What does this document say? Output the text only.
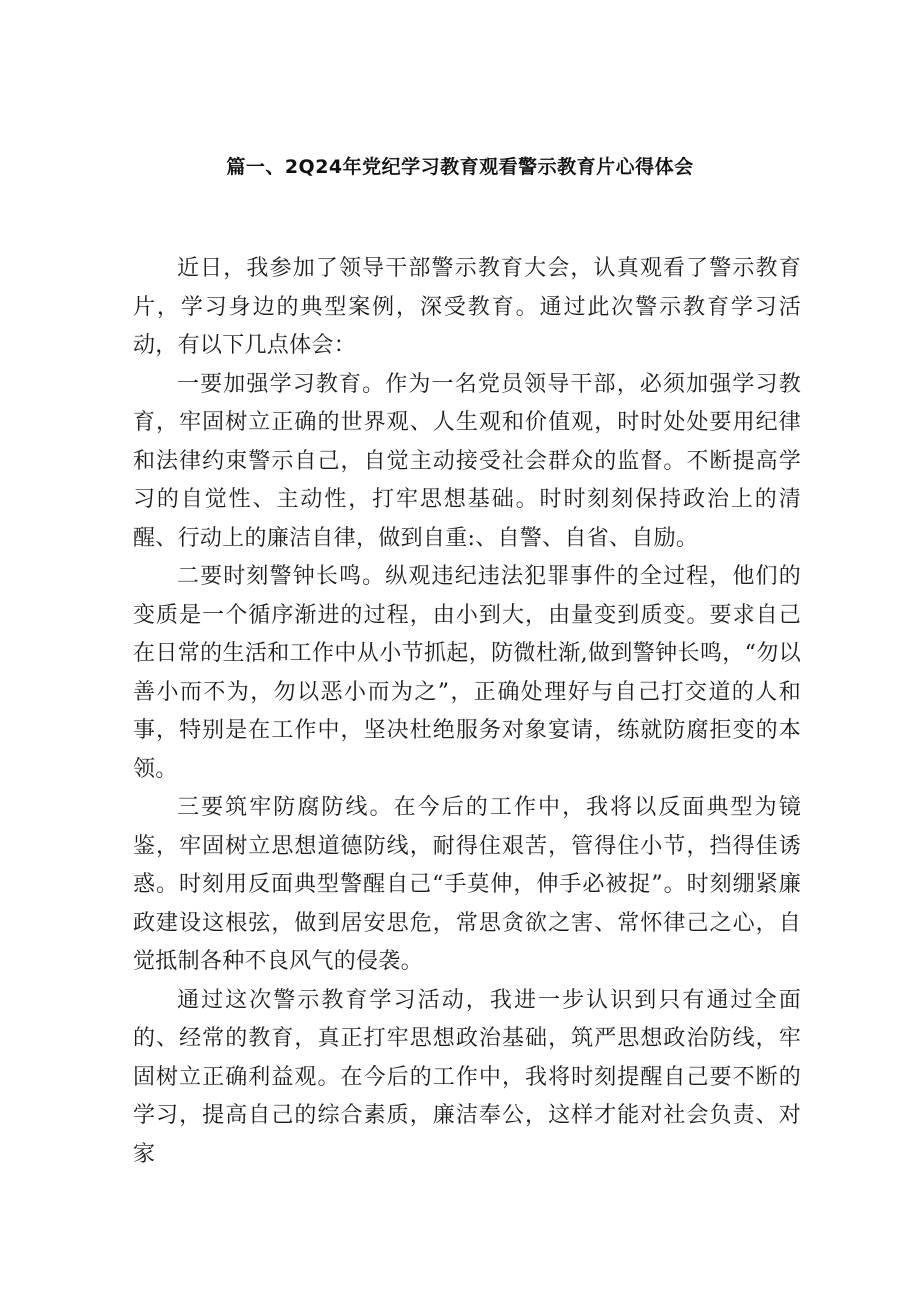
篇一、2Q24年党纪学习教育观看警示教育片心得体会

近日，我参加了领导干部警示教育大会，认真观看了警示教育片，学习身边的典型案例，深受教育。通过此次警示教育学习活动，有以下几点体会：

一要加强学习教育。作为一名党员领导干部，必须加强学习教育，牢固树立正确的世界观、人生观和价值观，时时处处要用纪律和法律约束警示自己，自觉主动接受社会群众的监督。不断提高学习的自觉性、主动性，打牢思想基础。时时刻刻保持政治上的清醒、行动上的廉洁自律，做到自重:、自警、自省、自励。

二要时刻警钟长鸣。纵观违纪违法犯罪事件的全过程，他们的变质是一个循序渐进的过程，由小到大，由量变到质变。要求自己在日常的生活和工作中从小节抓起，防微杜渐,做到警钟长鸣，“勿以善小而不为，勿以恶小而为之”，正确处理好与自己打交道的人和事，特别是在工作中，坚决杜绝服务对象宴请，练就防腐拒变的本领。

三要筑牢防腐防线。在今后的工作中，我将以反面典型为镜鉴，牢固树立思想道德防线，耐得住艰苦，管得住小节，挡得佳诱惑。时刻用反面典型警醒自己“手莫伸，伸手必被捉”。时刻绷紧廉政建设这根弦，做到居安思危，常思贪欲之害、常怀律己之心，自觉抵制各种不良风气的侵袭。

通过这次警示教育学习活动，我进一步认识到只有通过全面的、经常的教育，真正打牢思想政治基础，筑严思想政治防线，牢固树立正确利益观。在今后的工作中，我将时刻提醒自己要不断的学习，提高自己的综合素质，廉洁奉公，这样才能对社会负责、对家
